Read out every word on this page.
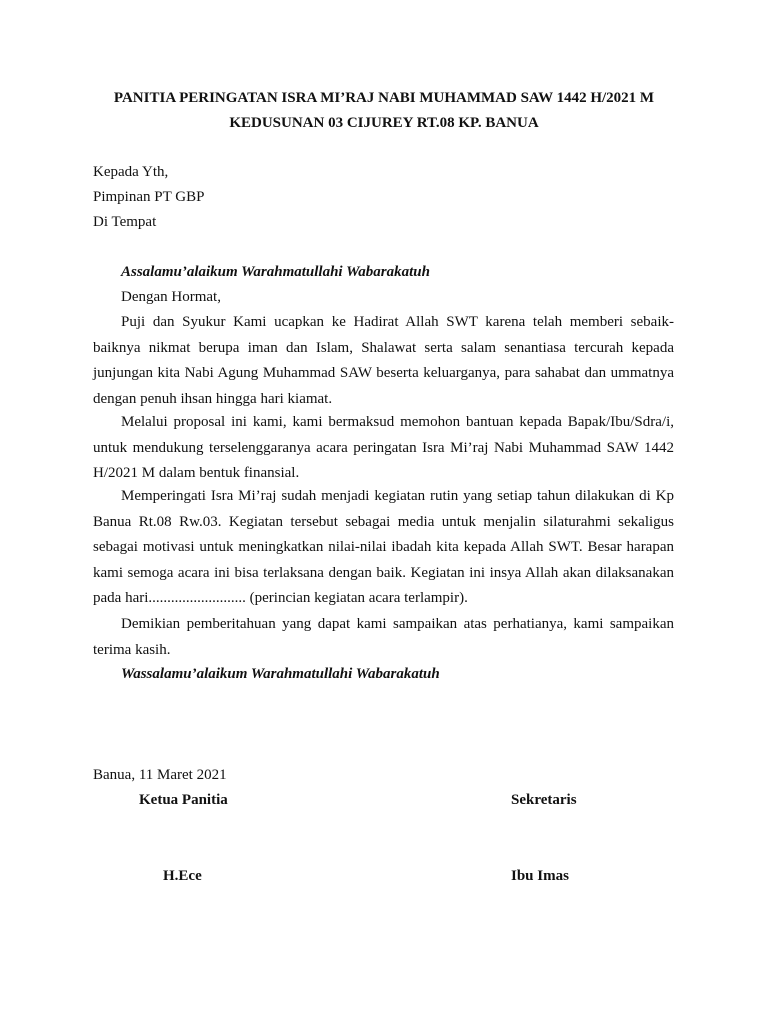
PANITIA PERINGATAN ISRA MI’RAJ NABI MUHAMMAD SAW 1442 H/2021 M
KEDUSUNAN 03 CIJUREY RT.08 KP. BANUA
Kepada Yth,
Pimpinan PT GBP
Di Tempat
Assalamu’alaikum Warahmatullahi Wabarakatuh
Dengan Hormat,

Puji dan Syukur Kami ucapkan ke Hadirat Allah SWT karena telah memberi sebaik-baiknya nikmat berupa iman dan Islam, Shalawat serta salam senantiasa tercurah kepada junjungan kita Nabi Agung Muhammad SAW beserta keluarganya, para sahabat dan ummatnya dengan penuh ihsan hingga hari kiamat.

Melalui proposal ini kami, kami bermaksud memohon bantuan kepada Bapak/Ibu/Sdra/i, untuk mendukung terselenggaranya acara peringatan Isra Mi’raj Nabi Muhammad SAW 1442 H/2021 M dalam bentuk finansial.

Memperingati Isra Mi’raj sudah menjadi kegiatan rutin yang setiap tahun dilakukan di Kp Banua Rt.08 Rw.03. Kegiatan tersebut sebagai media untuk menjalin silaturahmi sekaligus sebagai motivasi untuk meningkatkan nilai-nilai ibadah kita kepada Allah SWT. Besar harapan kami semoga acara ini bisa terlaksana dengan baik. Kegiatan ini insya Allah akan dilaksanakan pada hari.......................... (perincian kegiatan acara terlampir).

Demikian pemberitahuan yang dapat kami sampaikan atas perhatianya, kami sampaikan terima kasih.

Wassalamu’alaikum Warahmatullahi Wabarakatuh
Banua, 11 Maret 2021
Ketua Panitia	Sekretaris
H.Ece	Ibu Imas
